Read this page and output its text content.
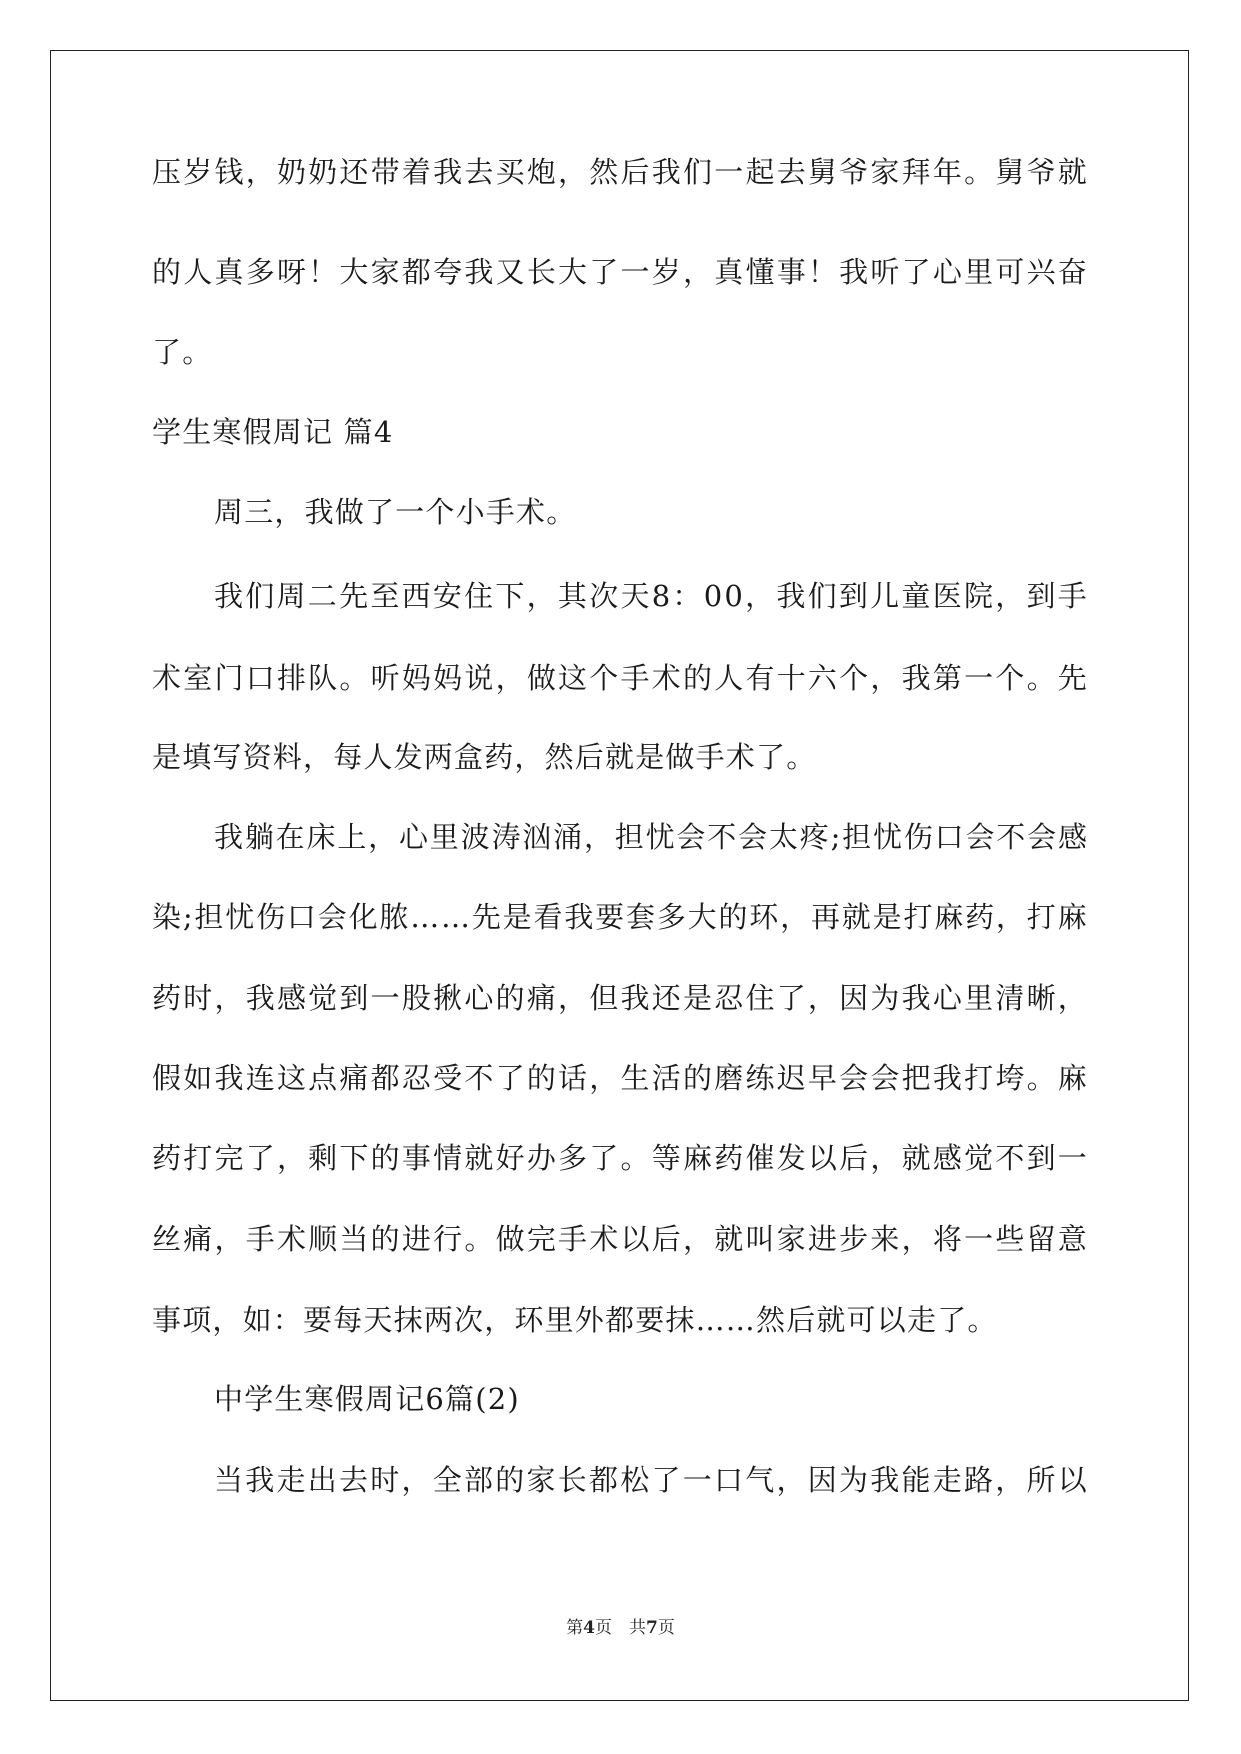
压 岁 钱 ， 奶 奶 还 带 着 我 去 买 炮 ， 然 后 我 们 一 起 去 舅 爷 家 拜 年 。 舅 爷 就
的 人 真 多 呀 ！ 大 家 都 夸 我 又 长 大 了 一 岁 ， 真 懂 事 ！ 我 听 了 心 里 可 兴 奋
了。
学生寒假周记 篇4
周三，我做了一个小手术。
我 们 周 二 先 至 西 安 住 下 ， 其 次 天 8 ： 0 0 ， 我 们 到 儿 童 医 院 ， 到 手
术 室 门 口 排 队 。 听 妈 妈 说 ， 做 这 个 手 术 的 人 有 十 六 个 ， 我 第 一 个 。 先
是填写资料，每人发两盒药，然后就是做手术了。
我 躺 在 床 上 ， 心 里 波 涛 汹 涌 ， 担 忧 会 不 会 太 疼 ; 担 忧 伤 口 会 不 会 感
染 ; 担 忧 伤 口 会 化 脓 … … 先 是 看 我 要 套 多 大 的 环 ， 再 就 是 打 麻 药 ， 打 麻
药 时 ， 我 感 觉 到 一 股 揪 心 的 痛 ， 但 我 还 是 忍 住 了 ， 因 为 我 心 里 清 晰 ，
假 如 我 连 这 点 痛 都 忍 受 不 了 的 话 ， 生 活 的 磨 练 迟 早 会 会 把 我 打 垮 。 麻
药 打 完 了 ， 剩 下 的 事 情 就 好 办 多 了 。 等 麻 药 催 发 以 后 ， 就 感 觉 不 到 一
丝 痛 ， 手 术 顺 当 的 进 行 。 做 完 手 术 以 后 ， 就 叫 家 进 步 来 ， 将 一 些 留 意
事项，如：要每天抹两次，环里外都要抹……然后就可以走了。
中学生寒假周记6篇(2)
当 我 走 出 去 时 ， 全 部 的 家 长 都 松 了 一 口 气 ， 因 为 我 能 走 路 ， 所 以
第4页　共7页
